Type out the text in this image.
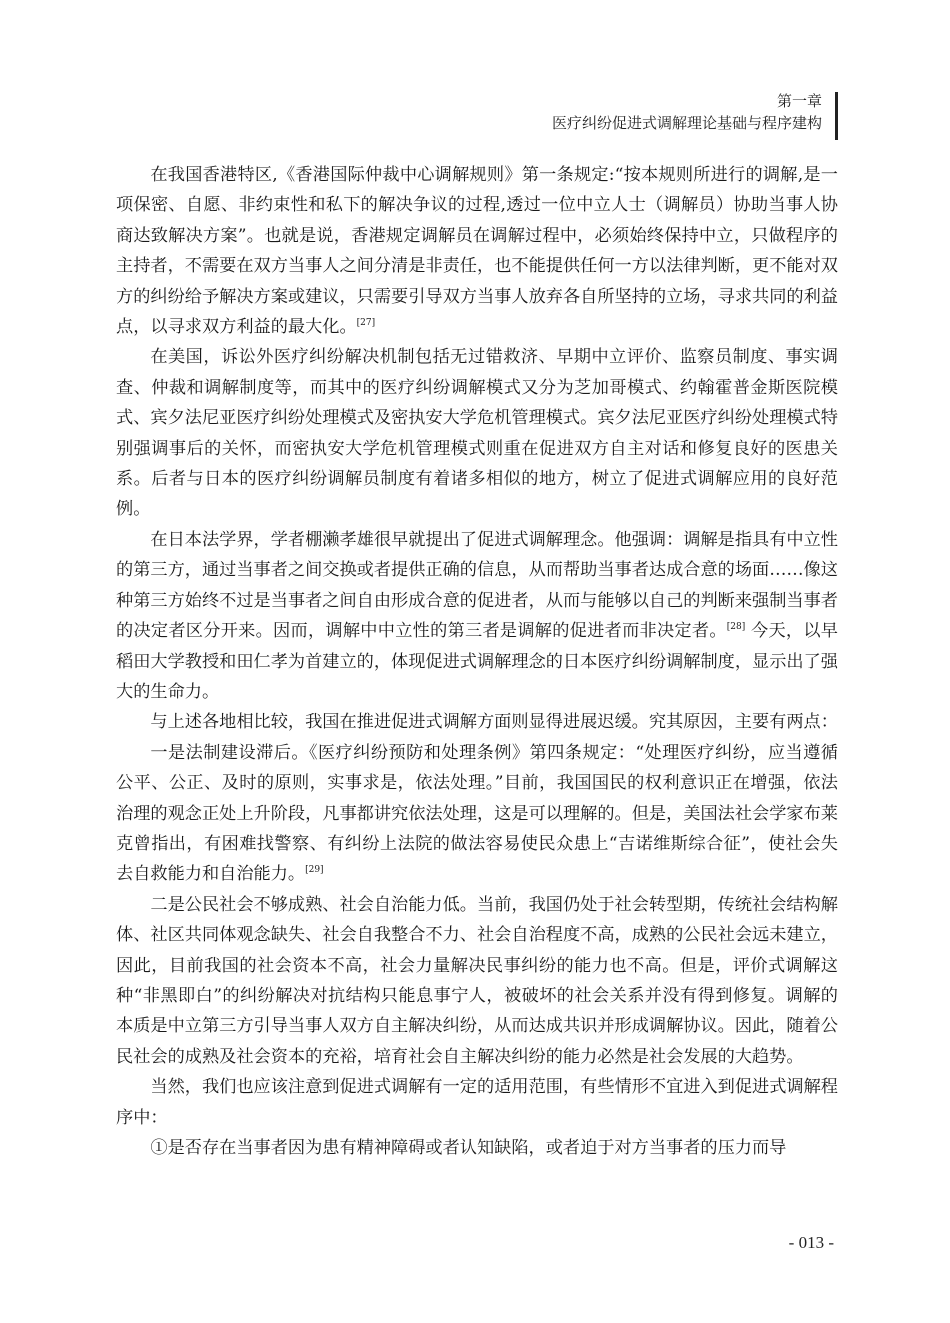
第一章
医疗纠纷促进式调解理论基础与程序建构

在我国香港特区,《香港国际仲裁中心调解规则》第一条规定:“按本规则所进行的调解,是一项保密、自愿、非约束性和私下的解决争议的过程,透过一位中立人士（调解员）协助当事人协商达致解决方案”。也就是说，香港规定调解员在调解过程中，必须始终保持中立，只做程序的主持者，不需要在双方当事人之间分清是非责任，也不能提供任何一方以法律判断，更不能对双方的纠纷给予解决方案或建议，只需要引导双方当事人放弃各自所坚持的立场，寻求共同的利益点，以寻求双方利益的最大化。[27]

在美国，诉讼外医疗纠纷解决机制包括无过错救济、早期中立评价、监察员制度、事实调查、仲裁和调解制度等，而其中的医疗纠纷调解模式又分为芝加哥模式、约翰霍普金斯医院模式、宾夕法尼亚医疗纠纷处理模式及密执安大学危机管理模式。宾夕法尼亚医疗纠纷处理模式特别强调事后的关怀，而密执安大学危机管理模式则重在促进双方自主对话和修复良好的医患关系。后者与日本的医疗纠纷调解员制度有着诸多相似的地方，树立了促进式调解应用的良好范例。

在日本法学界，学者棚濑孝雄很早就提出了促进式调解理念。他强调：调解是指具有中立性的第三方，通过当事者之间交换或者提供正确的信息，从而帮助当事者达成合意的场面……像这种第三方始终不过是当事者之间自由形成合意的促进者，从而与能够以自己的判断来强制当事者的决定者区分开来。因而，调解中中立性的第三者是调解的促进者而非决定者。[28] 今天，以早稻田大学教授和田仁孝为首建立的，体现促进式调解理念的日本医疗纠纷调解制度，显示出了强大的生命力。

与上述各地相比较，我国在推进促进式调解方面则显得进展迟缓。究其原因，主要有两点：

一是法制建设滞后。《医疗纠纷预防和处理条例》第四条规定：“处理医疗纠纷，应当遵循公平、公正、及时的原则，实事求是，依法处理。”目前，我国国民的权利意识正在增强，依法治理的观念正处上升阶段，凡事都讲究依法处理，这是可以理解的。但是，美国法社会学家布莱克曾指出，有困难找警察、有纠纷上法院的做法容易使民众患上“吉诺维斯综合征”，使社会失去自救能力和自治能力。[29]

二是公民社会不够成熟、社会自治能力低。当前，我国仍处于社会转型期，传统社会结构解体、社区共同体观念缺失、社会自我整合不力、社会自治程度不高，成熟的公民社会远未建立，因此，目前我国的社会资本不高，社会力量解决民事纠纷的能力也不高。但是，评价式调解这种“非黑即白”的纠纷解决对抗结构只能息事宁人，被破坏的社会关系并没有得到修复。调解的本质是中立第三方引导当事人双方自主解决纠纷，从而达成共识并形成调解协议。因此，随着公民社会的成熟及社会资本的充裕，培育社会自主解决纠纷的能力必然是社会发展的大趋势。

当然，我们也应该注意到促进式调解有一定的适用范围，有些情形不宜进入到促进式调解程序中：

①是否存在当事者因为患有精神障碍或者认知缺陷，或者迫于对方当事者的压力而导

- 013 -
